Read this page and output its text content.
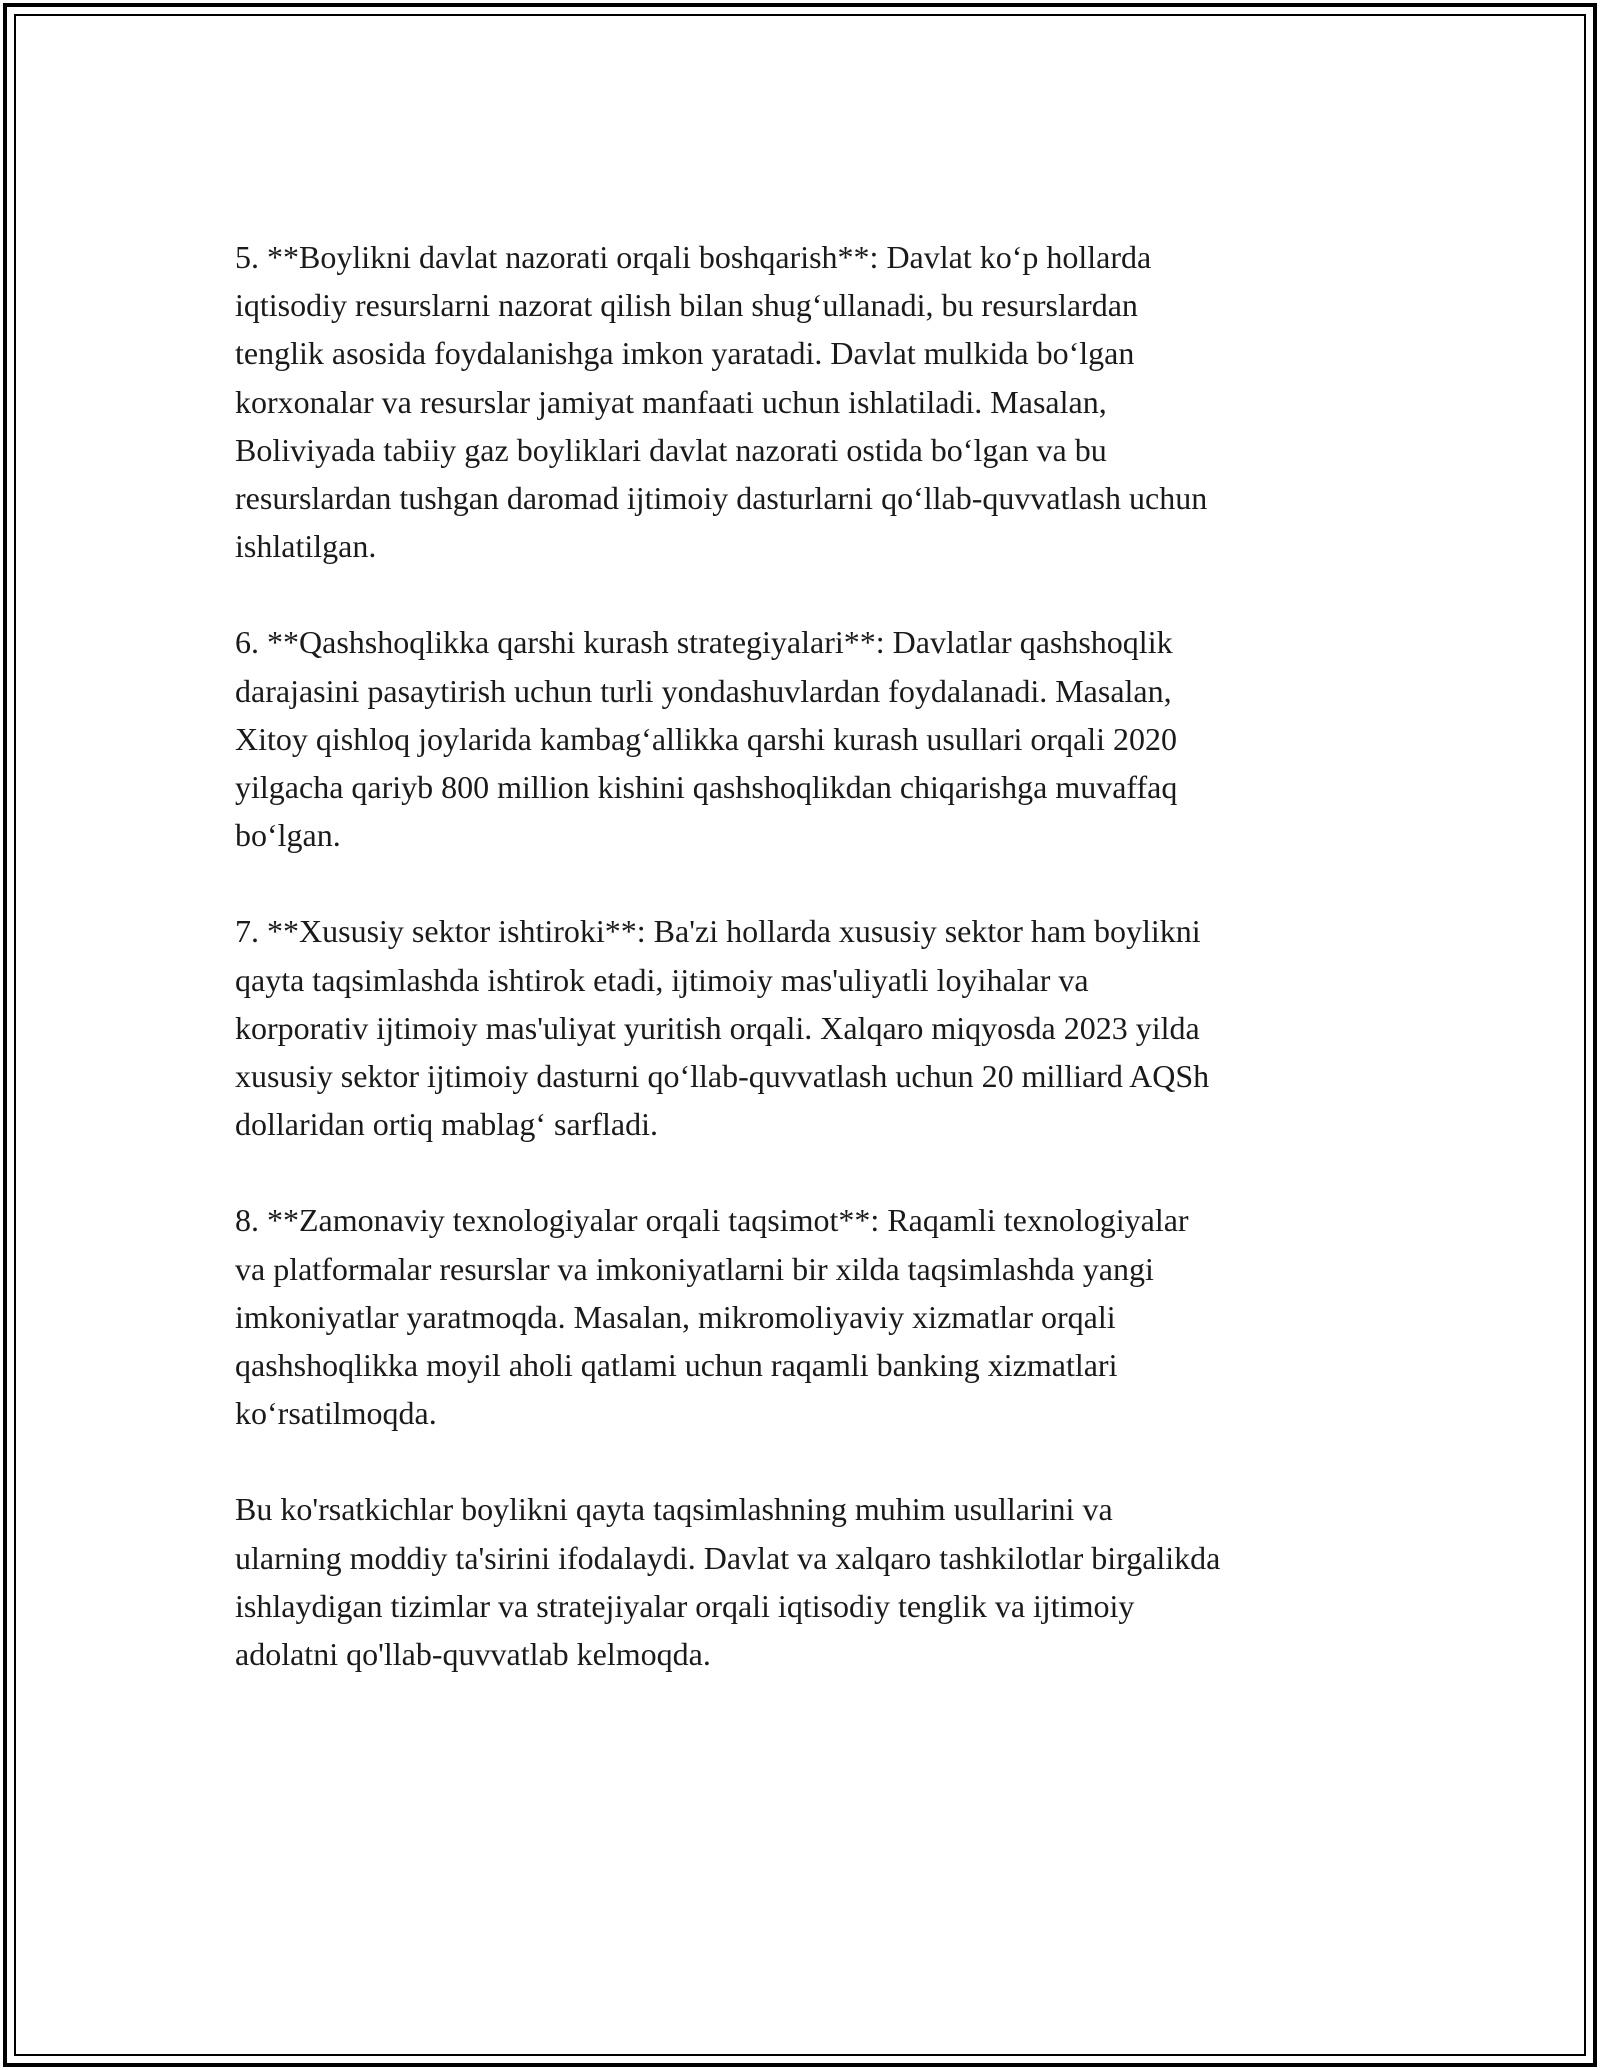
5. **Boylikni davlat nazorati orqali boshqarish**: Davlat ko‘p hollarda
iqtisodiy resurslarni nazorat qilish bilan shug‘ullanadi, bu resurslardan
tenglik asosida foydalanishga imkon yaratadi. Davlat mulkida bo‘lgan
korxonalar va resurslar jamiyat manfaati uchun ishlatiladi. Masalan,
Boliviyada tabiiy gaz boyliklari davlat nazorati ostida bo‘lgan va bu
resurslardan tushgan daromad ijtimoiy dasturlarni qo‘llab-quvvatlash uchun
ishlatilgan.

6. **Qashshoqlikka qarshi kurash strategiyalari**: Davlatlar qashshoqlik
darajasini pasaytirish uchun turli yondashuvlardan foydalanadi. Masalan,
Xitoy qishloq joylarida kambag‘allikka qarshi kurash usullari orqali 2020
yilgacha qariyb 800 million kishini qashshoqlikdan chiqarishga muvaffaq
bo‘lgan.

7. **Xususiy sektor ishtiroki**: Ba'zi hollarda xususiy sektor ham boylikni
qayta taqsimlashda ishtirok etadi, ijtimoiy mas'uliyatli loyihalar va
korporativ ijtimoiy mas'uliyat yuritish orqali. Xalqaro miqyosda 2023 yilda
xususiy sektor ijtimoiy dasturni qo‘llab-quvvatlash uchun 20 milliard AQSh
dollaridan ortiq mablag‘ sarfladi.

8. **Zamonaviy texnologiyalar orqali taqsimot**: Raqamli texnologiyalar
va platformalar resurslar va imkoniyatlarni bir xilda taqsimlashda yangi
imkoniyatlar yaratmoqda. Masalan, mikromoliyaviy xizmatlar orqali
qashshoqlikka moyil aholi qatlami uchun raqamli banking xizmatlari
ko‘rsatilmoqda.

Bu ko'rsatkichlar boylikni qayta taqsimlashning muhim usullarini va
ularning moddiy ta'sirini ifodalaydi. Davlat va xalqaro tashkilotlar birgalikda
ishlaydigan tizimlar va stratejiyalar orqali iqtisodiy tenglik va ijtimoiy
adolatni qo'llab-quvvatlab kelmoqda.
